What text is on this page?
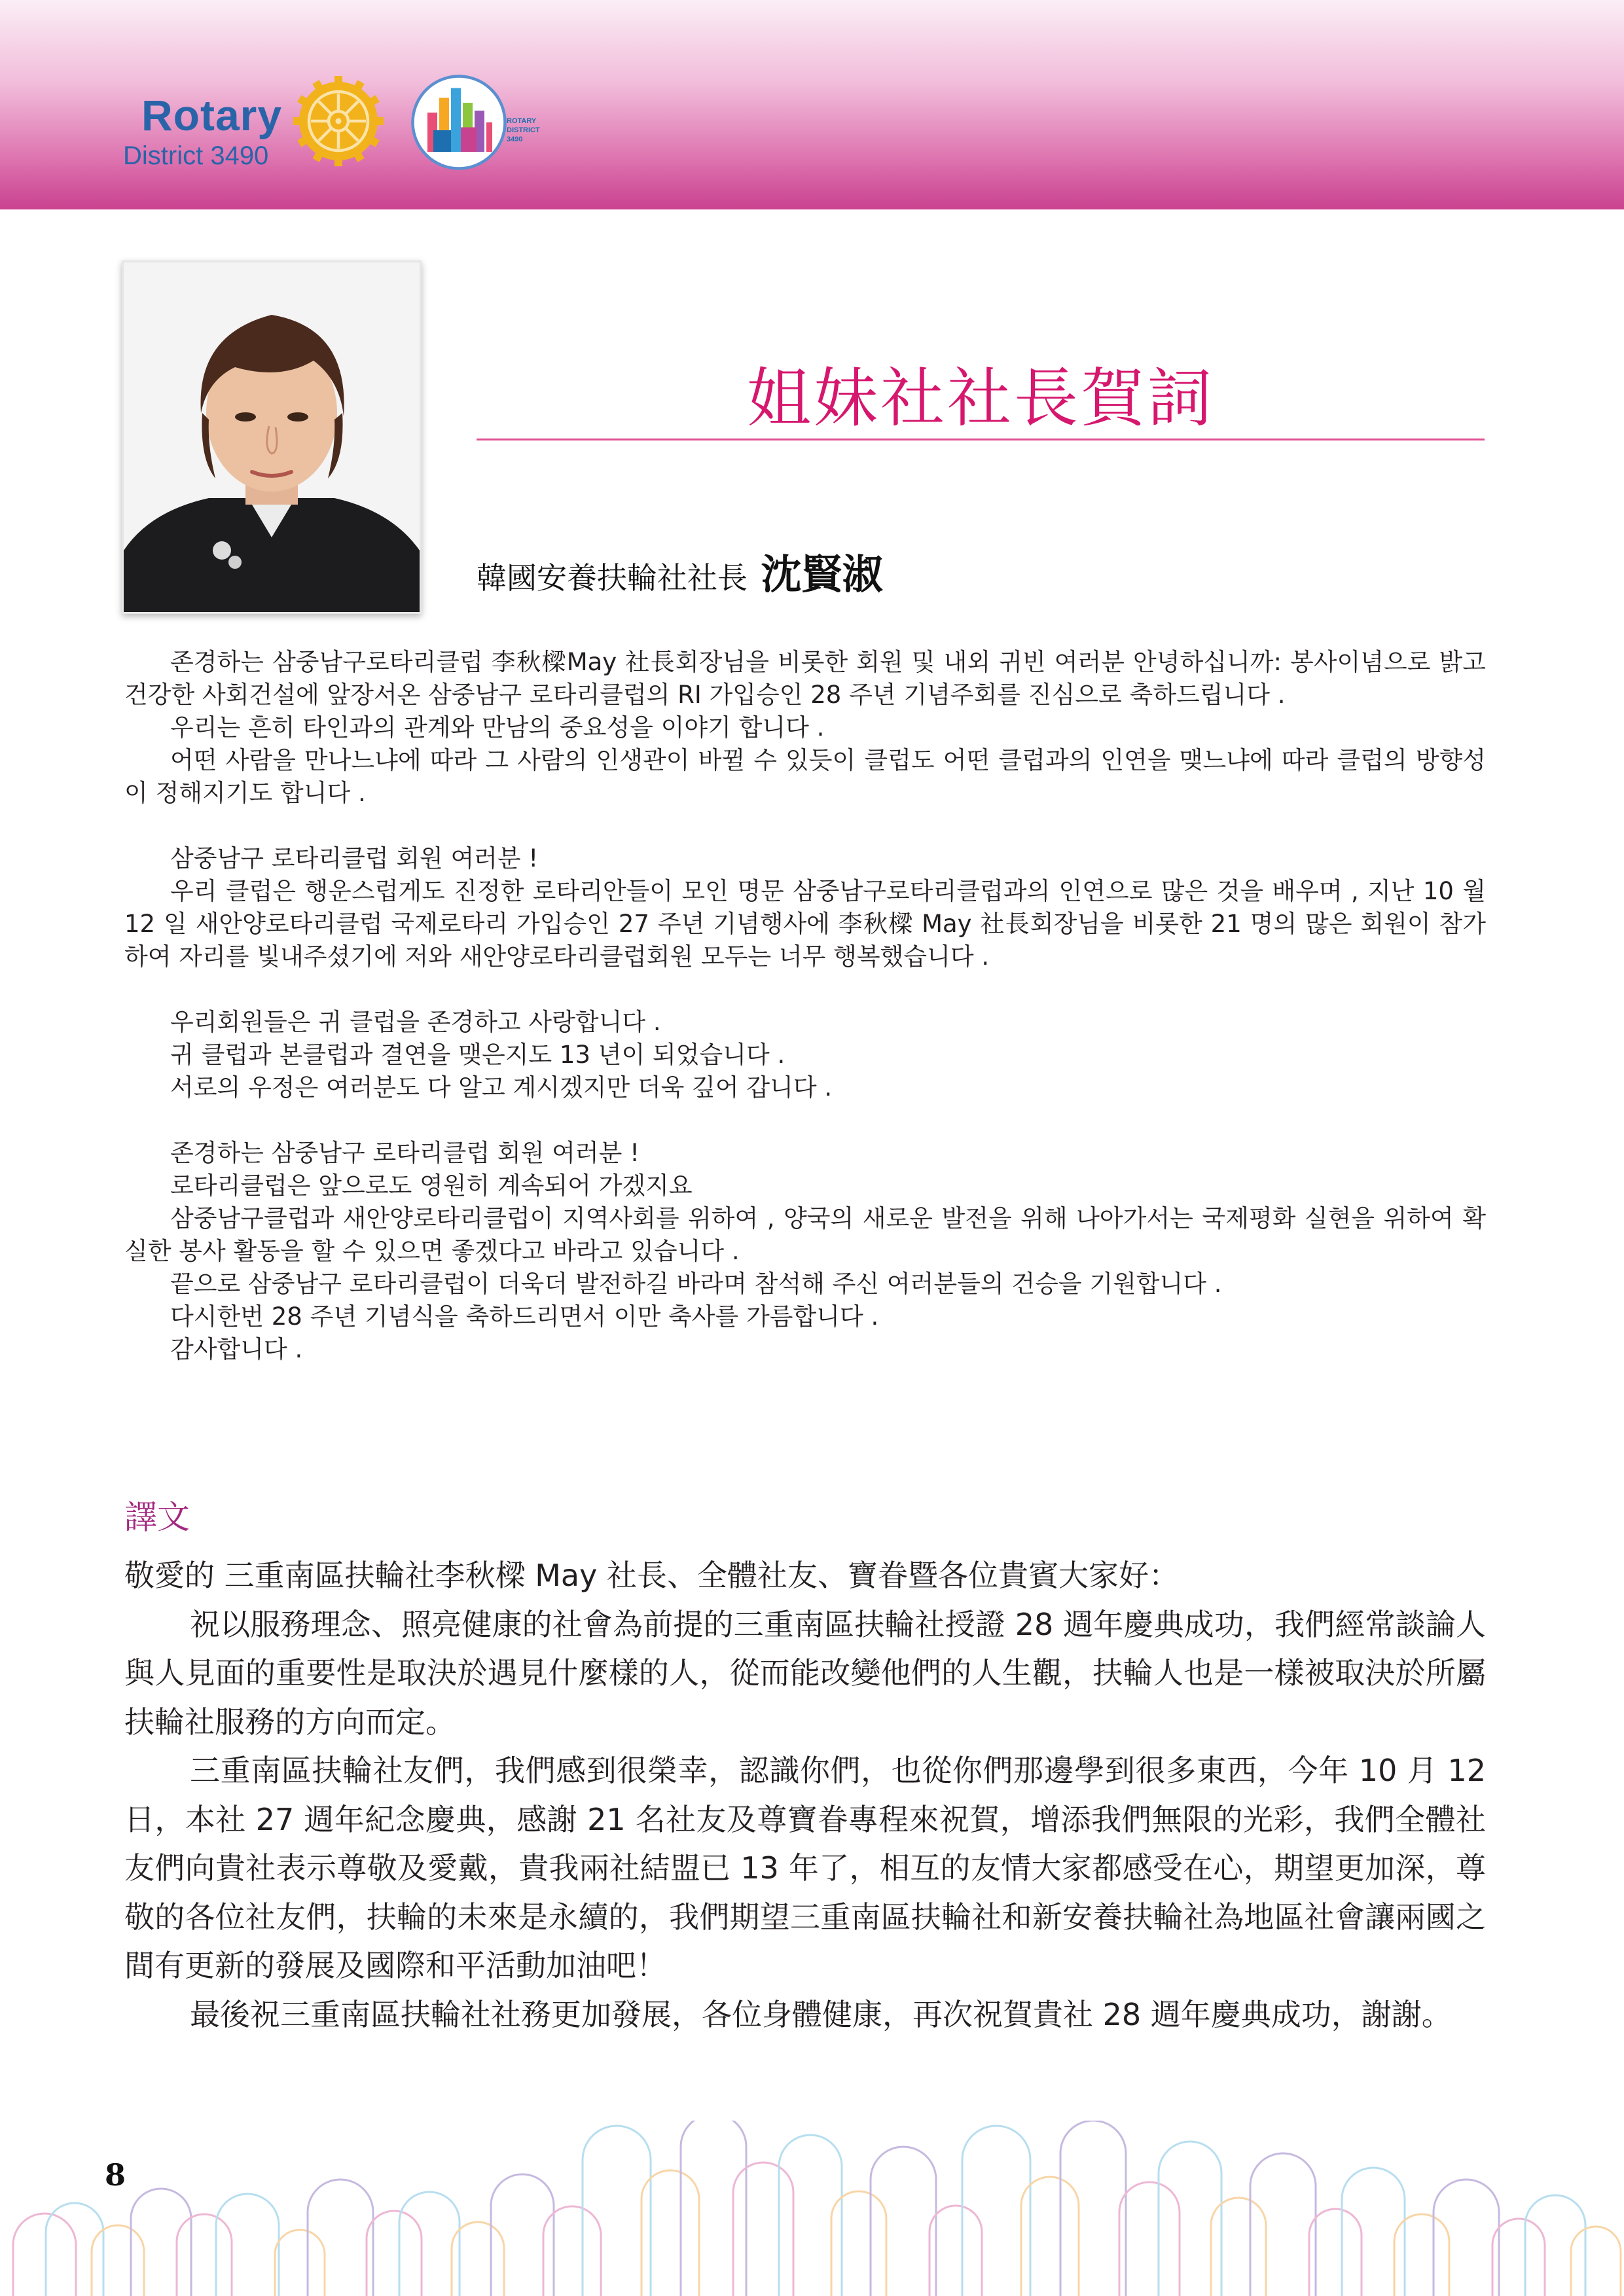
Rotary
District 3490
ROTARY
DISTRICT
3490
姐妹社社長賀詞
韓國安養扶輪社社長 沈賢淑

존경하는 삼중남구로타리클럽 李秋樑May 社長회장님을 비롯한 회원 및 내외 귀빈 여러분 안녕하십니까: 봉사이념으로 밝고 건강한 사회건설에 앞장서온 삼중남구 로타리클럽의 RI 가입승인 28 주년 기념주회를 진심으로 축하드립니다 .

우리는 흔히 타인과의 관계와 만남의 중요성을 이야기 합니다 .

어떤 사람을 만나느냐에 따라 그 사람의 인생관이 바뀔 수 있듯이 클럽도 어떤 클럽과의 인연을 맺느냐에 따라 클럽의 방향성이 정해지기도 합니다 .

삼중남구 로타리클럽 회원 여러분 !

우리 클럽은 행운스럽게도 진정한 로타리안들이 모인 명문 삼중남구로타리클럽과의 인연으로 많은 것을 배우며 , 지난 10 월 12 일 새안양로타리클럽 국제로타리 가입승인 27 주년 기념행사에 李秋樑 May 社長회장님을 비롯한 21 명의 많은 회원이 참가하여 자리를 빛내주셨기에 저와 새안양로타리클럽회원 모두는 너무 행복했습니다 .

우리회원들은 귀 클럽을 존경하고 사랑합니다 .

귀 클럽과 본클럽과 결연을 맺은지도 13 년이 되었습니다 .

서로의 우정은 여러분도 다 알고 계시겠지만 더욱 깊어 갑니다 .

존경하는 삼중남구 로타리클럽 회원 여러분 !

로타리클럽은 앞으로도 영원히 계속되어 가겠지요

삼중남구클럽과 새안양로타리클럽이 지역사회를 위하여 , 양국의 새로운 발전을 위해 나아가서는 국제평화 실현을 위하여 확실한 봉사 활동을 할 수 있으면 좋겠다고 바라고 있습니다 .

끝으로 삼중남구 로타리클럽이 더욱더 발전하길 바라며 참석해 주신 여러분들의 건승을 기원합니다 .

다시한번 28 주년 기념식을 축하드리면서 이만 축사를 가름합니다 .

감사합니다 .

譯文

敬愛的 三重南區扶輪社李秋樑 May 社長、全體社友、寶眷暨各位貴賓大家好：

祝以服務理念、照亮健康的社會為前提的三重南區扶輪社授證 28 週年慶典成功，我們經常談論人與人見面的重要性是取決於遇見什麼樣的人，從而能改變他們的人生觀，扶輪人也是一樣被取決於所屬扶輪社服務的方向而定。

三重南區扶輪社友們，我們感到很榮幸，認識你們，也從你們那邊學到很多東西，今年 10 月 12 日，本社 27 週年紀念慶典，感謝 21 名社友及尊寶眷專程來祝賀，增添我們無限的光彩，我們全體社友們向貴社表示尊敬及愛戴，貴我兩社結盟已 13 年了，相互的友情大家都感受在心，期望更加深，尊敬的各位社友們，扶輪的未來是永續的，我們期望三重南區扶輪社和新安養扶輪社為地區社會讓兩國之間有更新的發展及國際和平活動加油吧！

最後祝三重南區扶輪社社務更加發展，各位身體健康，再次祝賀貴社 28 週年慶典成功，謝謝。

8
